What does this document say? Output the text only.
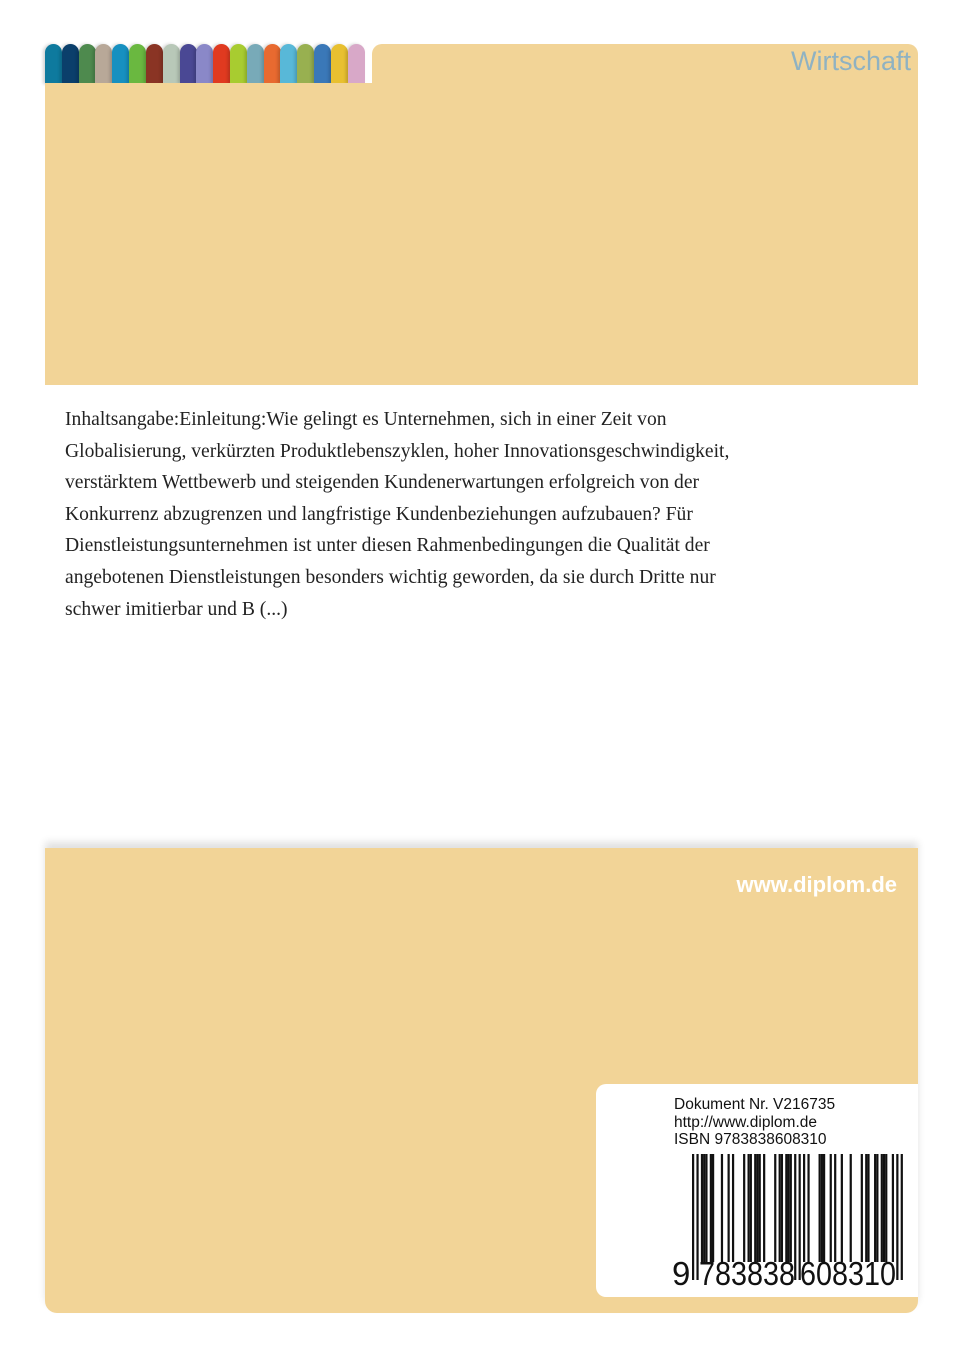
Wirtschaft
Inhaltsangabe:Einleitung:Wie gelingt es Unternehmen, sich in einer Zeit von
Globalisierung, verkürzten Produktlebenszyklen, hoher Innovationsgeschwindigkeit,
verstärktem Wettbewerb und steigenden Kundenerwartungen erfolgreich von der
Konkurrenz abzugrenzen und langfristige Kundenbeziehungen aufzubauen? Für
Dienstleistungsunternehmen ist unter diesen Rahmenbedingungen die Qualität der
angebotenen Dienstleistungen besonders wichtig geworden, da sie durch Dritte nur
schwer imitierbar und B (...)
www.diplom.de
Dokument Nr. V216735
http://www.diplom.de
ISBN 9783838608310
9 783838 608310
